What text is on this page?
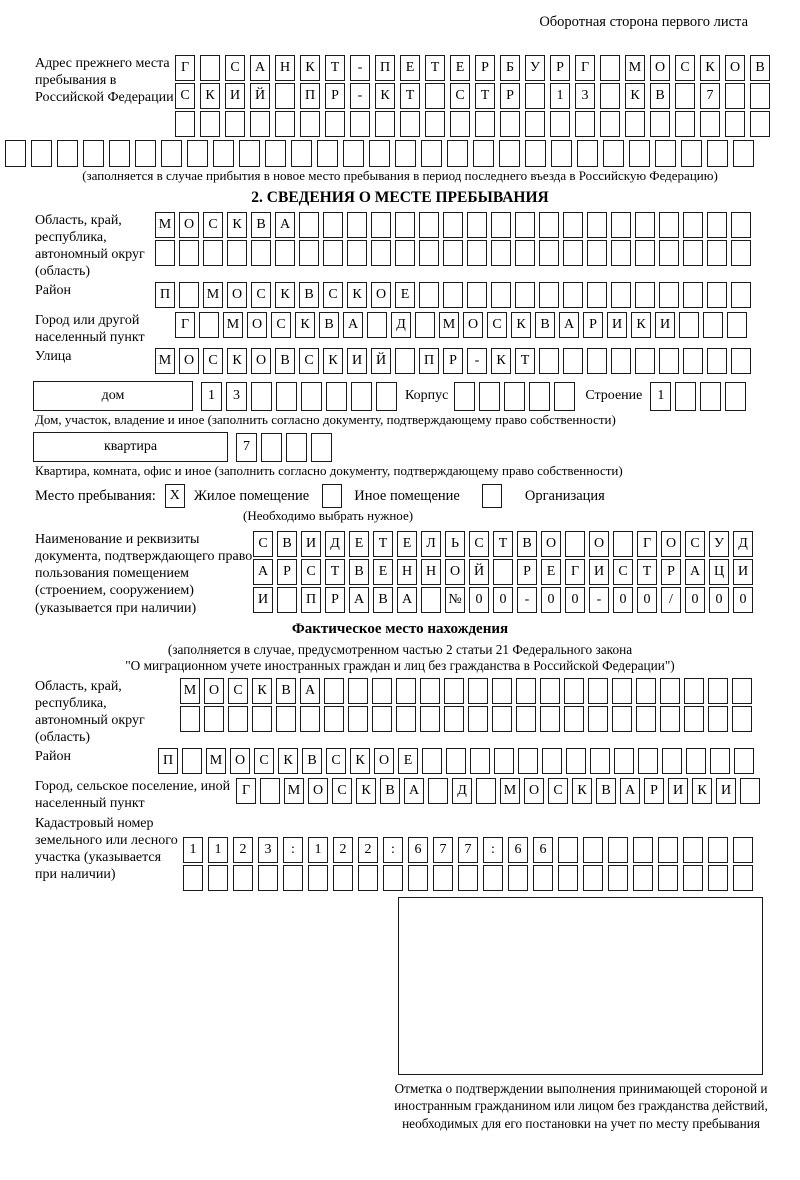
Оборотная сторона первого листа
Адрес прежнего места пребывания в Российской Федерации
Г	С	А	Н	К	Т	-	П	Е	Т	Е	Р	Б	У	Р	Г	М О	С	К	О	В
С	К	И	Й	П	Р	-	К	Т	С	Т	Р	1	3	К	В	7
(заполняется в случае прибытия в новое место пребывания в период последнего въезда в Российскую Федерацию)
2. СВЕДЕНИЯ О МЕСТЕ ПРЕБЫВАНИЯ
Область, край, республика, автономный округ (область)
М О	С	К	В	А
Район	П	М О	С	К	В	С	К	О	Е
Город или другой населенный пункт
Г	М О	С	К	В	А	Д	М О	С	К	В	А	Р	И	К	И
Улица	М О	С	К	О	В	С	К	И Й	П	Р	-	К	Т
дом	1	3	Корпус	Строение	1
Дом, участок, владение и иное (заполнить согласно документу, подтверждающему право собственности)
квартира	7
Квартира, комната, офис и иное (заполнить согласно документу, подтверждающему право собственности)
Место пребывания: X Жилое помещение	Иное помещение	Организация
(Необходимо выбрать нужное)
Наименование и реквизиты документа, подтверждающего право пользования помещением (строением, сооружением) (указывается при наличии)
С	В	И	Д	Е	Т	Е	Л	Ь	С	Т	В	О	О	Г	О	С	У	Д
А	Р	С	Т	В	Е	Н Н О Й	Р	Е	Г	И	С	Т	Р	А Ц И
И	П	Р	А	В	А	№ 0	0	-	0	0	-	0	0	/	0	0	0
Фактическое место нахождения
(заполняется в случае, предусмотренном частью 2 статьи 21 Федерального закона
"О миграционном учете иностранных граждан и лиц без гражданства в Российской Федерации")
Область, край, республика, автономный округ (область)
М О	С	К	В	А
Район	П	М О	С	К	В	С	К	О	Е
Город, сельское поселение, иной населенный пункт
Г	М О	С	К	В	А	Д	М О	С	К	В	А	Р	И	К	И
Кадастровый номер земельного или лесного участка (указывается при наличии)
1	1	2	3	:	1	2	2	:	6	7	7	:	6	6
Отметка о подтверждении выполнения принимающей стороной и иностранным гражданином или лицом без гражданства действий, необходимых для его постановки на учет по месту пребывания
